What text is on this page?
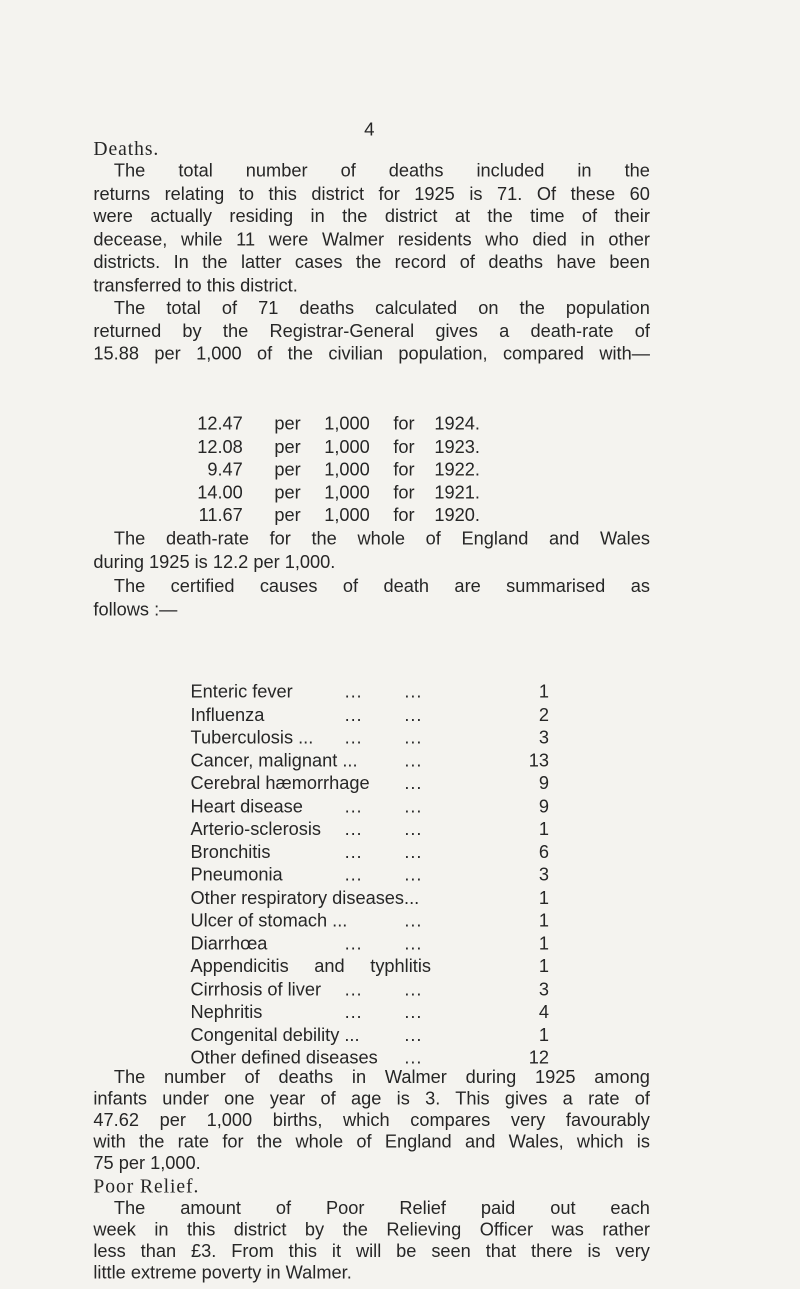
4
Deaths.
The total number of deaths included in the
returns relating to this district for 1925 is 71. Of these 60
were actually residing in the district at the time of their
decease, while 11 were Walmer residents who died in other
districts. In the latter cases the record of deaths have been
transferred to this district.
The total of 71 deaths calculated on the population
returned by the Registrar-General gives a death-rate of
15.88 per 1,000 of the civilian population, compared with—
12.47	per	1,000	for	1924.
12.08	per	1,000	for	1923.
9.47	per	1,000	for	1922.
14.00	per	1,000	for	1921.
11.67	per	1,000	for	1920.
The death-rate for the whole of England and Wales
during 1925 is 12.2 per 1,000.
The certified causes of death are summarised as
follows :—
Enteric fever	... ...	1
Influenza	... ...	2
Tuberculosis ... ... ...	3
Cancer, malignant ... ...	13
Cerebral hæmorrhage ...	9
Heart disease ... ...	9
Arterio-sclerosis ... ...	1
Bronchitis	... ...	6
Pneumonia	... ...	3
Other respiratory diseases...	1
Ulcer of stomach ...	...	1
Diarrhœa	... ...	1
Appendicitis and typhlitis	1
Cirrhosis of liver ... ...	3
Nephritis	... ...	4
Congenital debility ... ...	1
Other defined diseases ...	12
The number of deaths in Walmer during 1925 among
infants under one year of age is 3. This gives a rate of
47.62 per 1,000 births, which compares very favourably
with the rate for the whole of England and Wales, which is
75 per 1,000.
Poor Relief.
The amount of Poor Relief paid out each
week in this district by the Relieving Officer was rather
less than £3. From this it will be seen that there is very
little extreme poverty in Walmer.
